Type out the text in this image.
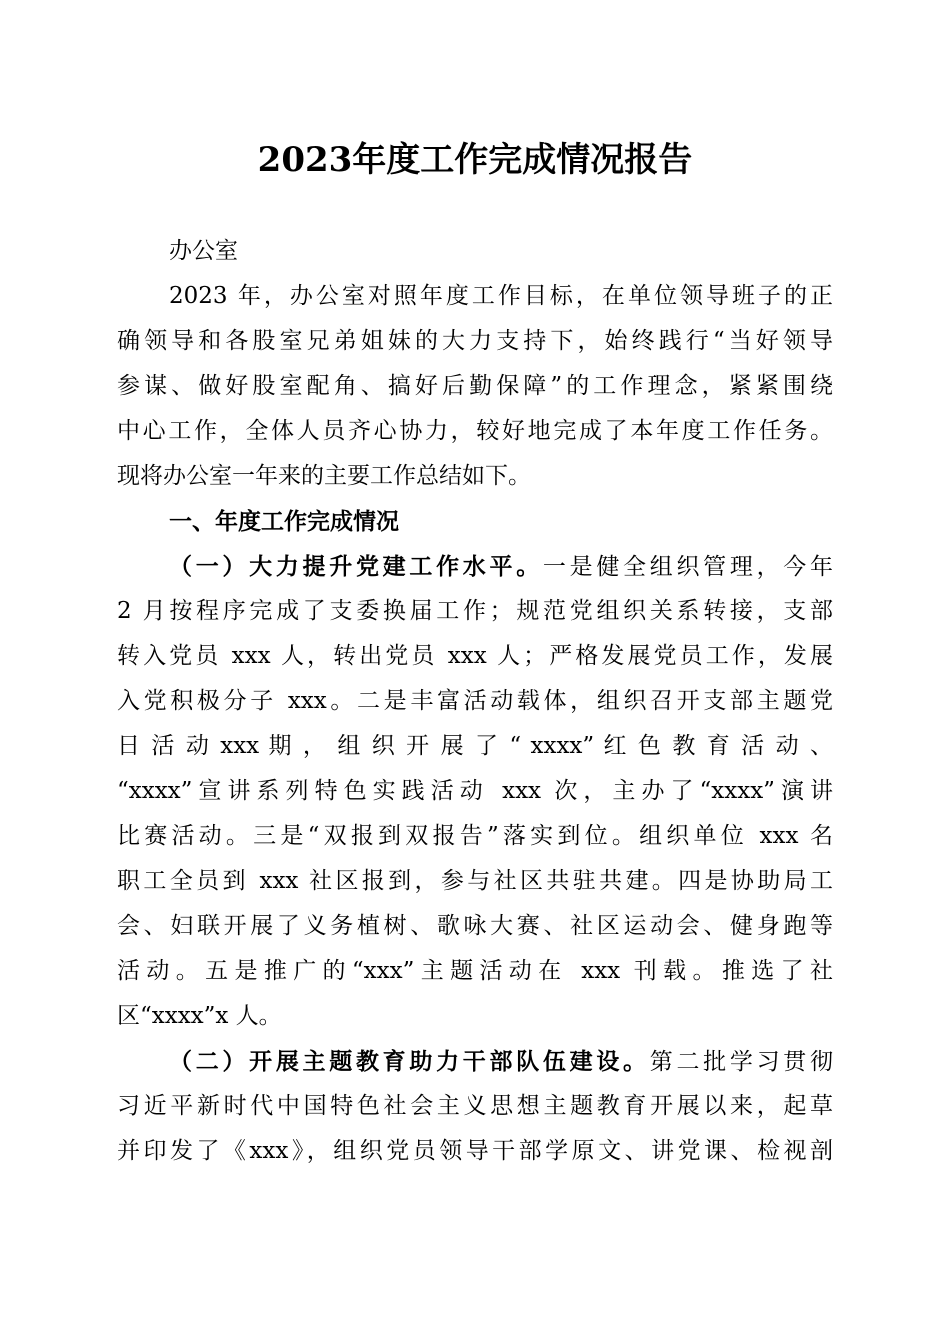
2023年度工作完成情况报告
办公室
2023 年，办公室对照年度工作目标，在单位领导班子的正
确领导和各股室兄弟姐妹的大力支持下，始终践行“当好领导
参谋、做好股室配角、搞好后勤保障”的工作理念，紧紧围绕
中心工作，全体人员齐心协力，较好地完成了本年度工作任务。
现将办公室一年来的主要工作总结如下。
一、年度工作完成情况
（一）大力提升党建工作水平。一是健全组织管理，今年
2 月按程序完成了支委换届工作；规范党组织关系转接，支部
转入党员 xxx 人，转出党员 xxx 人；严格发展党员工作，发展
入党积极分子 xxx。二是丰富活动载体，组织召开支部主题党
日 活 动 xxx 期 ， 组 织 开 展 了 “ xxxx” 红 色 教 育 活 动 、
“xxxx”宣讲系列特色实践活动 xxx 次，主办了“xxxx”演讲
比赛活动。三是“双报到双报告”落实到位。组织单位 xxx 名
职工全员到 xxx 社区报到，参与社区共驻共建。四是协助局工
会、妇联开展了义务植树、歌咏大赛、社区运动会、健身跑等
活动。五是推广的“xxx”主题活动在 xxx 刊载。推选了社
区“xxxx”x 人。
（二）开展主题教育助力干部队伍建设。第二批学习贯彻
习近平新时代中国特色社会主义思想主题教育开展以来，起草
并印发了《xxx》，组织党员领导干部学原文、讲党课、检视剖
